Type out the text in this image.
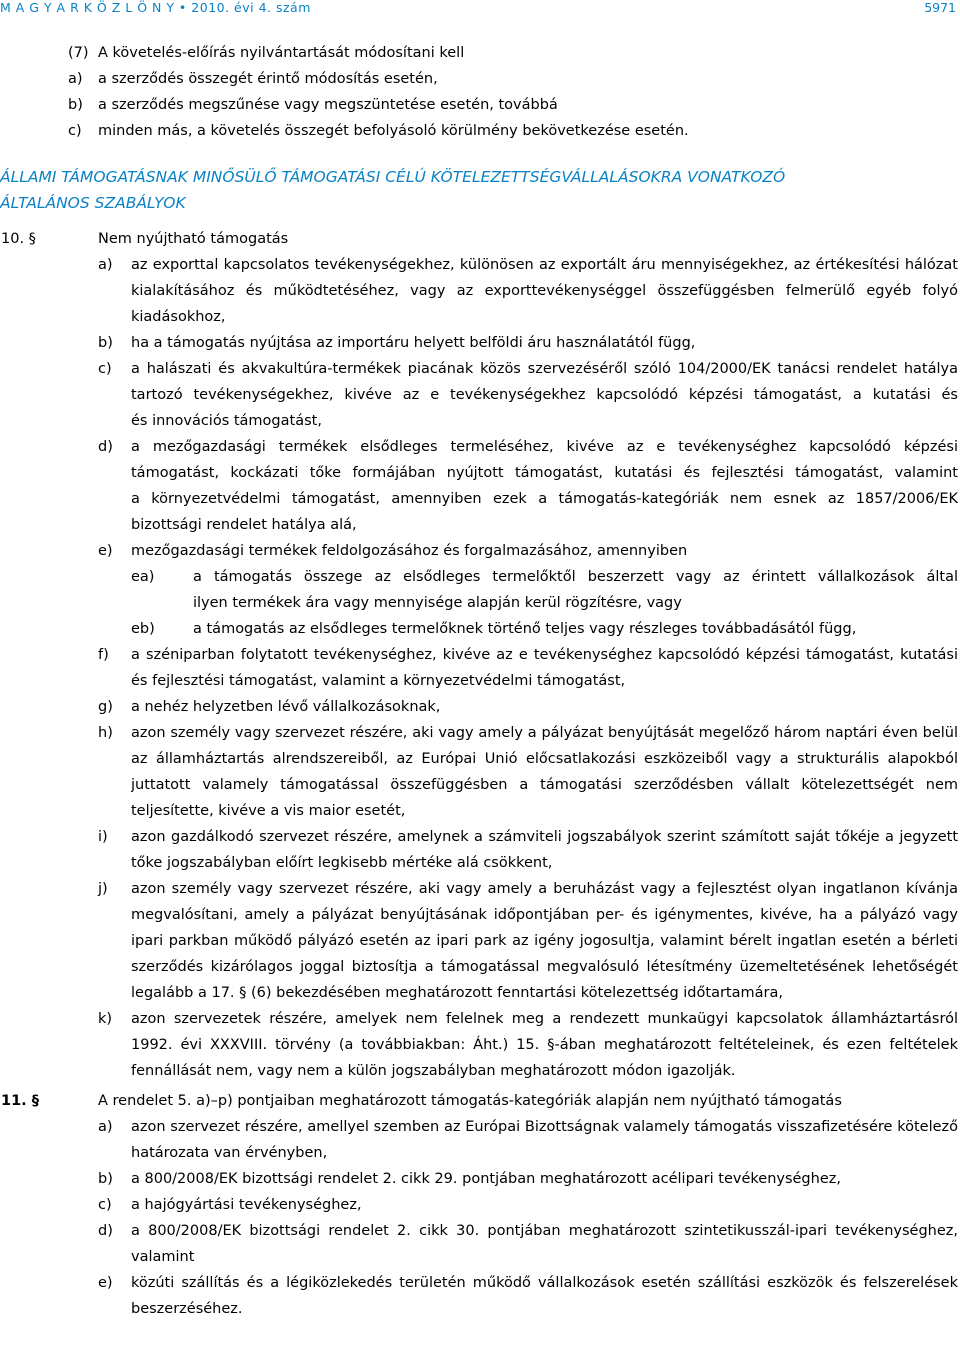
M A G Y A R K Ö Z L Ö N Y • 2010. évi 4. szám	5971
(7) A követelés-előírás nyilvántartását módosítani kell
a) a szerződés összegét érintő módosítás esetén,
b) a szerződés megszűnése vagy megszüntetése esetén, továbbá
c) minden más, a követelés összegét befolyásoló körülmény bekövetkezése esetén.
ÁLLAMI TÁMOGATÁSNAK MINŐSÜLŐ TÁMOGATÁSI CÉLÚ KÖTELEZETTSÉGVÁLLALÁSOKRA VONATKOZÓ
ÁLTALÁNOS SZABÁLYOK
10. §	Nem nyújtható támogatás
a) az exporttal kapcsolatos tevékenységekhez, különösen az exportált áru mennyiségekhez, az értékesítési hálózat
kialakításához és működtetéséhez, vagy az exporttevékenységgel összefüggésben felmerülő egyéb folyó
kiadásokhoz,
b) ha a támogatás nyújtása az importáru helyett belföldi áru használatától függ,
c) a halászati és akvakultúra-termékek piacának közös szervezéséről szóló 104/2000/EK tanácsi rendelet hatálya
tartozó tevékenységekhez, kivéve az e tevékenységekhez kapcsolódó képzési támogatást, a kutatási és
és innovációs támogatást,
d) a mezőgazdasági termékek elsődleges termeléséhez, kivéve az e tevékenységhez kapcsolódó képzési
támogatást, kockázati tőke formájában nyújtott támogatást, kutatási és fejlesztési támogatást, valamint
a környezetvédelmi támogatást, amennyiben ezek a támogatás-kategóriák nem esnek az 1857/2006/EK
bizottsági rendelet hatálya alá,
e) mezőgazdasági termékek feldolgozásához és forgalmazásához, amennyiben
ea)	a támogatás összege az elsődleges termelőktől beszerzett vagy az érintett vállalkozások által
ilyen termékek ára vagy mennyisége alapján kerül rögzítésre, vagy
eb)	a támogatás az elsődleges termelőknek történő teljes vagy részleges továbbadásától függ,
f) a széniparban folytatott tevékenységhez, kivéve az e tevékenységhez kapcsolódó képzési támogatást, kutatási
és fejlesztési támogatást, valamint a környezetvédelmi támogatást,
g) a nehéz helyzetben lévő vállalkozásoknak,
h) azon személy vagy szervezet részére, aki vagy amely a pályázat benyújtását megelőző három naptári éven belül
az államháztartás alrendszereiből, az Európai Unió előcsatlakozási eszközeiből vagy a strukturális alapokból
juttatott valamely támogatással összefüggésben a támogatási szerződésben vállalt kötelezettségét nem
teljesítette, kivéve a vis maior esetét,
i) azon gazdálkodó szervezet részére, amelynek a számviteli jogszabályok szerint számított saját tőkéje a jegyzett
tőke jogszabályban előírt legkisebb mértéke alá csökkent,
j) azon személy vagy szervezet részére, aki vagy amely a beruházást vagy a fejlesztést olyan ingatlanon kívánja
megvalósítani, amely a pályázat benyújtásának időpontjában per- és igénymentes, kivéve, ha a pályázó vagy
ipari parkban működő pályázó esetén az ipari park az igény jogosultja, valamint bérelt ingatlan esetén a bérleti
szerződés kizárólagos joggal biztosítja a támogatással megvalósuló létesítmény üzemeltetésének lehetőségét
legalább a 17. § (6) bekezdésében meghatározott fenntartási kötelezettség időtartamára,
k) azon szervezetek részére, amelyek nem felelnek meg a rendezett munkaügyi kapcsolatok államháztartásról
1992. évi XXXVIII. törvény (a továbbiakban: Áht.) 15. §-ában meghatározott feltételeinek, és ezen feltételek
fennállását nem, vagy nem a külön jogszabályban meghatározott módon igazolják.
11. §	A rendelet 5. a)–p) pontjaiban meghatározott támogatás-kategóriák alapján nem nyújtható támogatás
a) azon szervezet részére, amellyel szemben az Európai Bizottságnak valamely támogatás visszafizetésére kötelező
határozata van érvényben,
b) a 800/2008/EK bizottsági rendelet 2. cikk 29. pontjában meghatározott acélipari tevékenységhez,
c) a hajógyártási tevékenységhez,
d) a 800/2008/EK bizottsági rendelet 2. cikk 30. pontjában meghatározott szintetikusszál-ipari tevékenységhez,
valamint
e) közúti szállítás és a légiközlekedés területén működő vállalkozások esetén szállítási eszközök és felszerelések
beszerzéséhez.
